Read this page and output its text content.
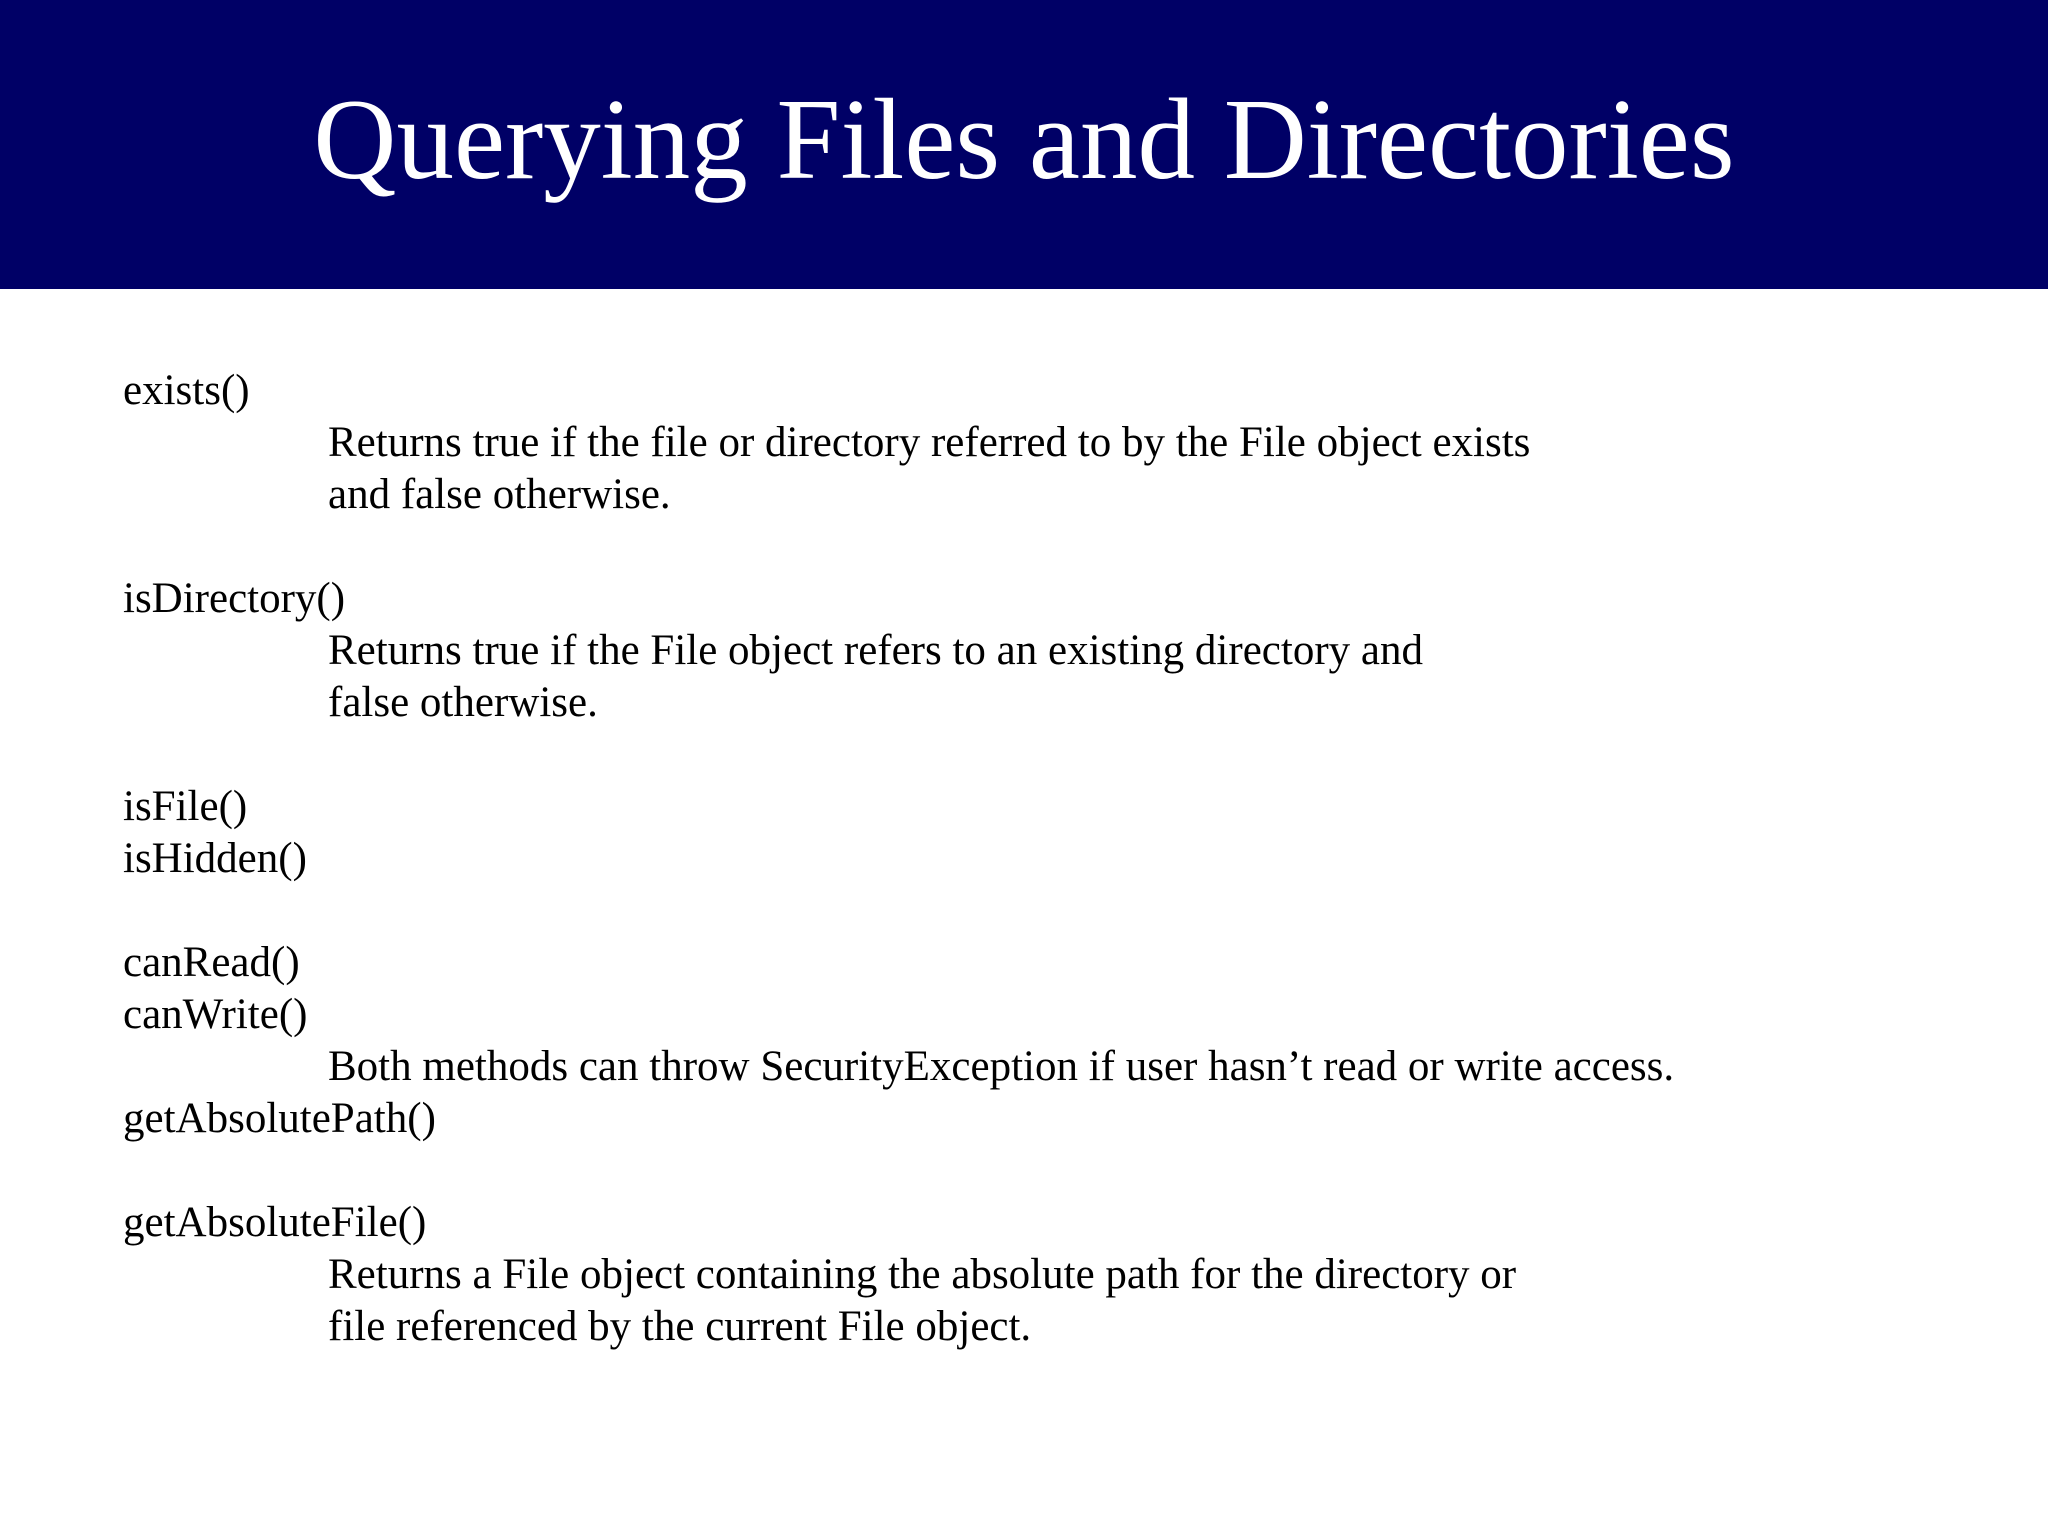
Querying Files and Directories
exists()
Returns true if the file or directory referred to by the File object exists
and false otherwise.
isDirectory()
Returns true if the File object refers to an existing directory and
false otherwise.
isFile()
isHidden()
canRead()
canWrite()
Both methods can throw SecurityException if user hasn’t read or write access.
getAbsolutePath()
getAbsoluteFile()
Returns a File object containing the absolute path for the directory or
file referenced by the current File object.
